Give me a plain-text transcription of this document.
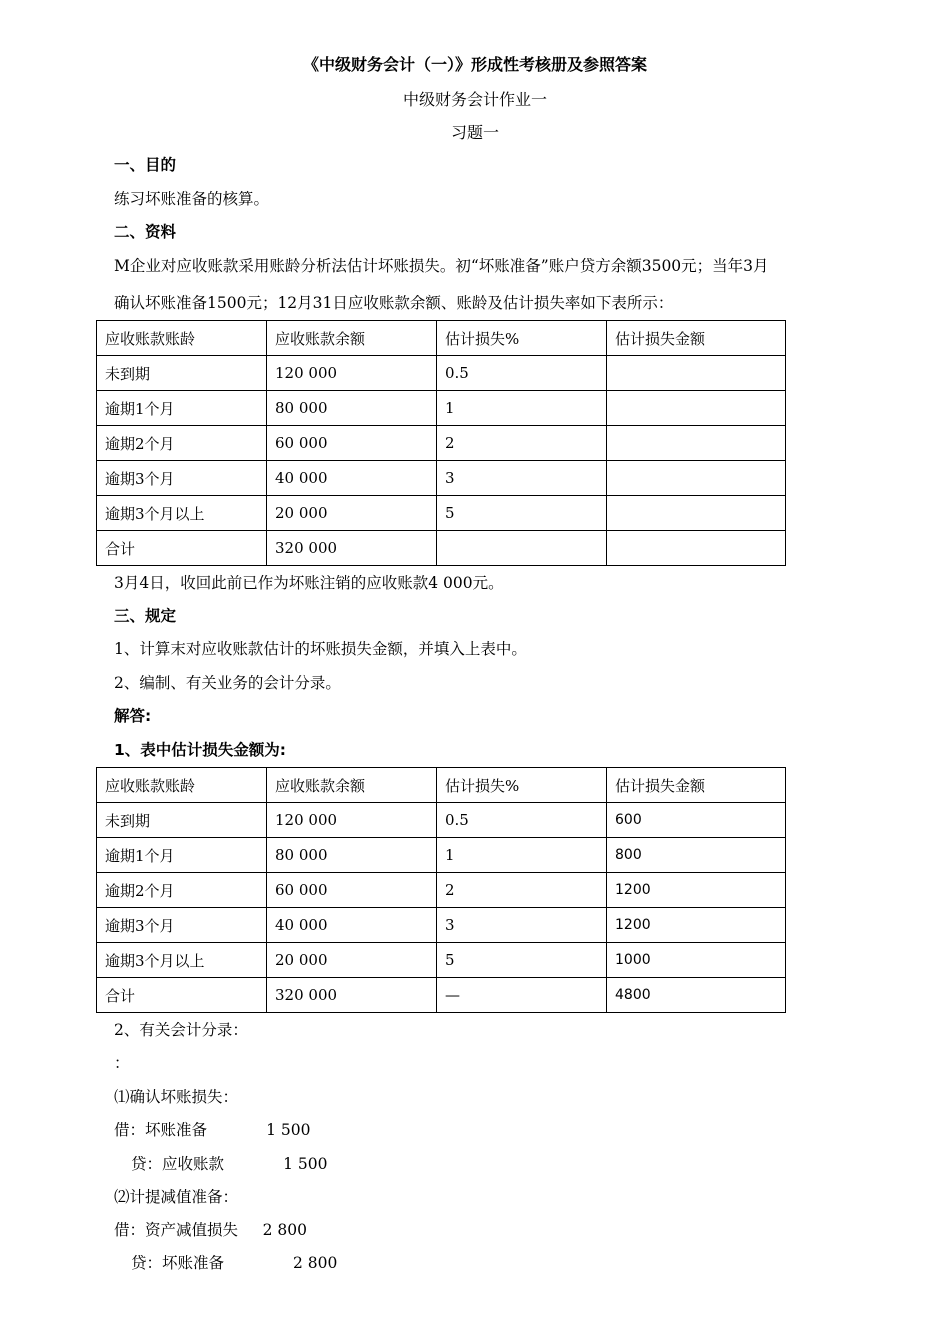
《中级财务会计（一）》形成性考核册及参照答案
中级财务会计作业一
习题一
一、目的
练习坏账准备的核算。
二、资料
M企业对应收账款采用账龄分析法估计坏账损失。初“坏账准备”账户贷方余额3500元；当年3月
确认坏账准备1500元；12月31日应收账款余额、账龄及估计损失率如下表所示：
应收账款账龄	应收账款余额	估计损失%	估计损失金额
未到期	120 000	0.5	
逾期1个月	80 000	1	
逾期2个月	60 000	2	
逾期3个月	40 000	3	
逾期3个月以上	20 000	5	
合计	320 000		
3月4日，收回此前已作为坏账注销的应收账款4 000元。
三、规定
1、计算末对应收账款估计的坏账损失金额，并填入上表中。
2、编制、有关业务的会计分录。
解答:
1、表中估计损失金额为:
应收账款账龄	应收账款余额	估计损失%	估计损失金额
未到期	120 000	0.5	600
逾期1个月	80 000	1	800
逾期2个月	60 000	2	1200
逾期3个月	40 000	3	1200
逾期3个月以上	20 000	5	1000
合计	320 000	—	4800
2、有关会计分录：
：
⑴确认坏账损失：
借：坏账准备            1 500
贷：应收账款            1 500
⑵计提减值准备：
借：资产减值损失     2 800
贷：坏账准备              2 800
